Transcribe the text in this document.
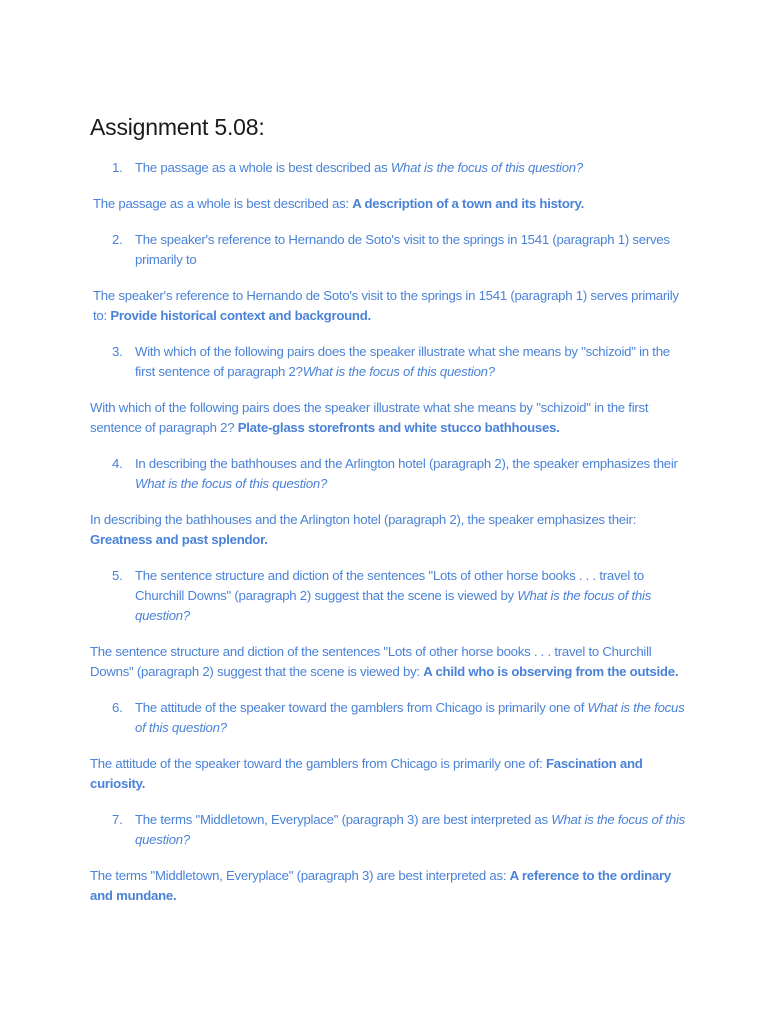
Assignment 5.08:
1. The passage as a whole is best described as What is the focus of this question?
The passage as a whole is best described as: A description of a town and its history.
2. The speaker's reference to Hernando de Soto's visit to the springs in 1541 (paragraph 1) serves primarily to
The speaker's reference to Hernando de Soto's visit to the springs in 1541 (paragraph 1) serves primarily to: Provide historical context and background.
3. With which of the following pairs does the speaker illustrate what she means by "schizoid" in the first sentence of paragraph 2?What is the focus of this question?
With which of the following pairs does the speaker illustrate what she means by "schizoid" in the first sentence of paragraph 2? Plate-glass storefronts and white stucco bathhouses.
4. In describing the bathhouses and the Arlington hotel (paragraph 2), the speaker emphasizes their What is the focus of this question?
In describing the bathhouses and the Arlington hotel (paragraph 2), the speaker emphasizes their: Greatness and past splendor.
5. The sentence structure and diction of the sentences "Lots of other horse books . . . travel to Churchill Downs" (paragraph 2) suggest that the scene is viewed by What is the focus of this question?
The sentence structure and diction of the sentences "Lots of other horse books . . . travel to Churchill Downs" (paragraph 2) suggest that the scene is viewed by: A child who is observing from the outside.
6. The attitude of the speaker toward the gamblers from Chicago is primarily one of What is the focus of this question?
The attitude of the speaker toward the gamblers from Chicago is primarily one of: Fascination and curiosity.
7. The terms "Middletown, Everyplace" (paragraph 3) are best interpreted as What is the focus of this question?
The terms "Middletown, Everyplace" (paragraph 3) are best interpreted as: A reference to the ordinary and mundane.
